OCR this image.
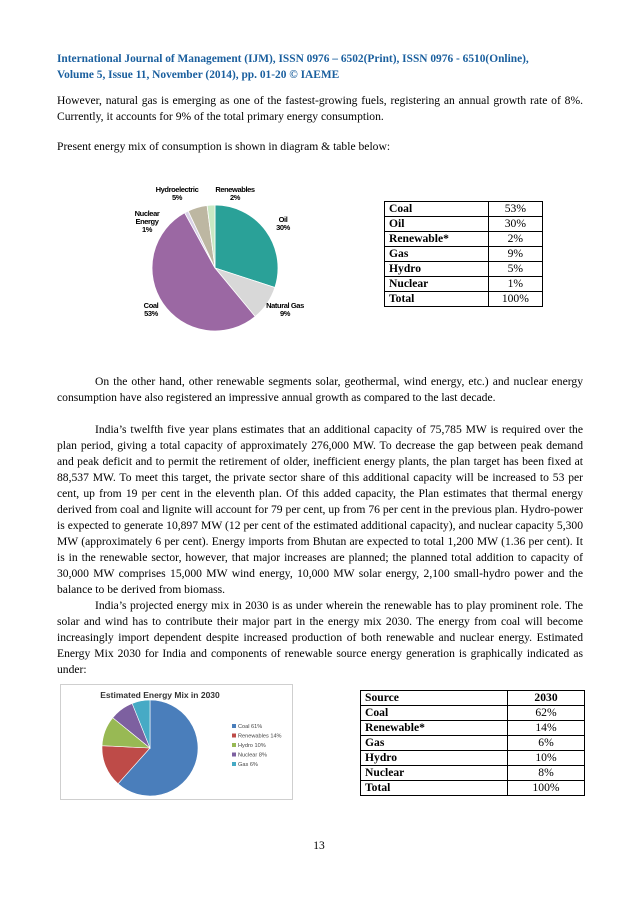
International Journal of Management (IJM), ISSN 0976 – 6502(Print), ISSN 0976 - 6510(Online),
Volume 5, Issue 11, November (2014), pp. 01-20 © IAEME

However, natural gas is emerging as one of the fastest-growing fuels, registering an annual growth rate of 8%. Currently, it accounts for 9% of the total primary energy consumption.

Present energy mix of consumption is shown in diagram & table below:

Oil 30%
Natural Gas 9%
Coal 53%
Nuclear Energy 1%
Hydroelectric 5%
Renewables 2%
Coal	53%
Oil	30%
Renewable*	2%
Gas	9%
Hydro	5%
Nuclear	1%
Total	100%

On the other hand, other renewable segments solar, geothermal, wind energy, etc.) and nuclear energy consumption have also registered an impressive annual growth as compared to the last decade.

India’s twelfth five year plans estimates that an additional capacity of 75,785 MW is required over the plan period, giving a total capacity of approximately 276,000 MW. To decrease the gap between peak demand and peak deficit and to permit the retirement of older, inefficient energy plants, the plan target has been fixed at 88,537 MW. To meet this target, the private sector share of this additional capacity will be increased to 53 per cent, up from 19 per cent in the eleventh plan. Of this added capacity, the Plan estimates that thermal energy derived from coal and lignite will account for 79 per cent, up from 76 per cent in the previous plan. Hydro-power is expected to generate 10,897 MW (12 per cent of the estimated additional capacity), and nuclear capacity 5,300 MW (approximately 6 per cent). Energy imports from Bhutan are expected to total 1,200 MW (1.36 per cent). It is in the renewable sector, however, that major increases are planned; the planned total addition to capacity of 30,000 MW comprises 15,000 MW wind energy, 10,000 MW solar energy, 2,100 small-hydro power and the balance to be derived from biomass.

India’s projected energy mix in 2030 is as under wherein the renewable has to play prominent role. The solar and wind has to contribute their major part in the energy mix 2030. The energy from coal will become increasingly import dependent despite increased production of both renewable and nuclear energy. Estimated Energy Mix 2030 for India and components of renewable source energy generation is graphically indicated as under:

Estimated Energy Mix in 2030
Coal 61%
Renewables 14%
Hydro 10%
Nuclear 8%
Gas 6%
Source	2030
Coal	62%
Renewable*	14%
Gas	6%
Hydro	10%
Nuclear	8%
Total	100%
13
